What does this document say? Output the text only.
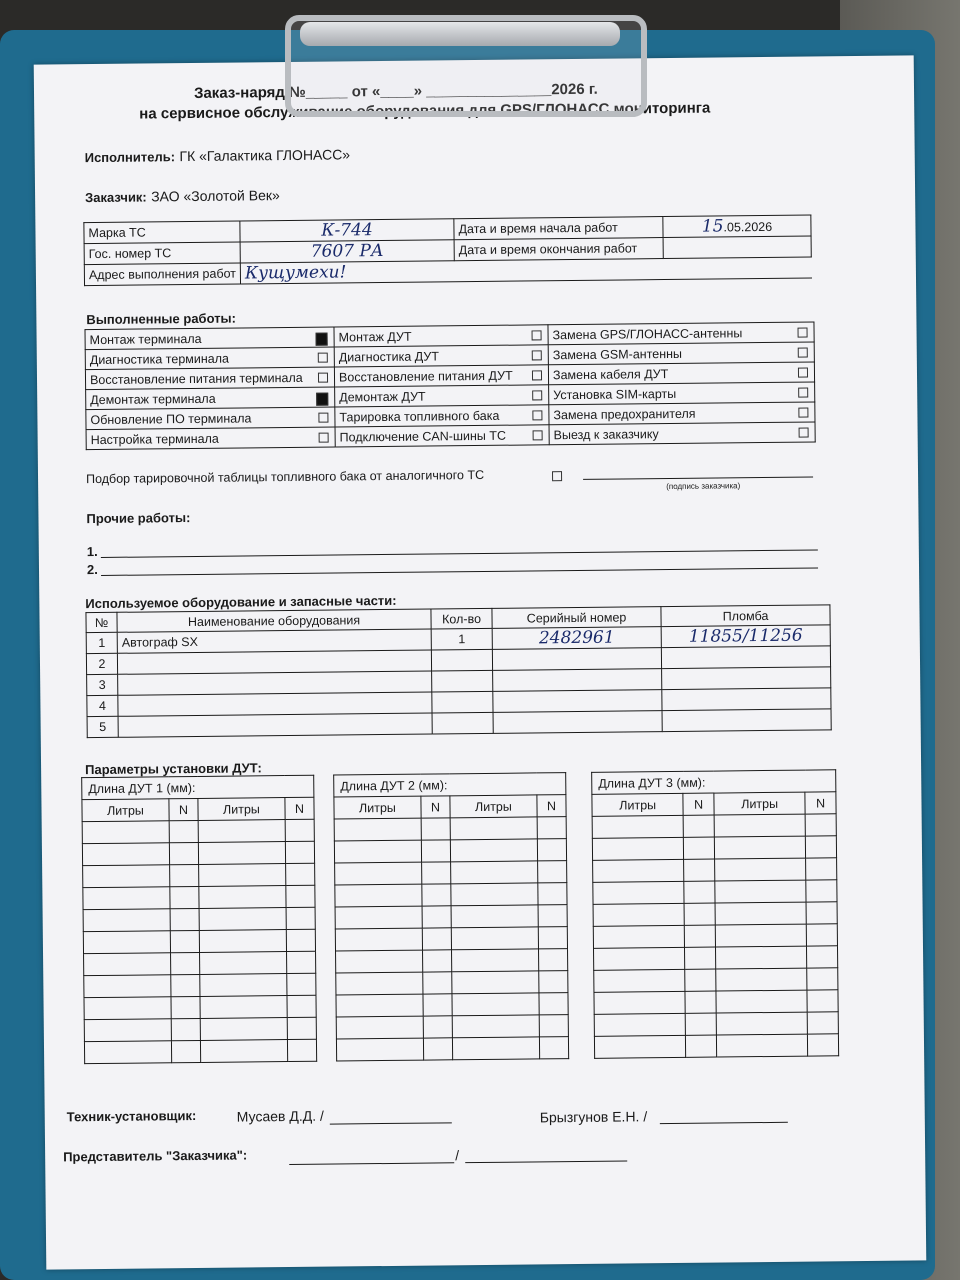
Заказ-наряд №_____ от «____» _______________2026 г.
на сервисное обслуживание оборудования для GPS/ГЛОНАСС мониторинга
Исполнитель: ГК «Галактика ГЛОНАСС»
Заказчик: ЗАО «Золотой Век»
Марка ТС	К-744	Дата и время начала работ	15.05.2026
Гос. номер ТС	7607 РА	Дата и время окончания работ	
Адрес выполнения работ	Кущумехи!		
Выполненные работы:
Монтаж терминала	Монтаж ДУТ	Замена GPS/ГЛОНАСС-антенны

Диагностика терминала	Диагностика ДУТ	Замена GSM-антенны

Восстановление питания терминала	Восстановление питания ДУТ	Замена кабеля ДУТ

Демонтаж терминала	Демонтаж ДУТ	Установка SIM-карты

Обновление ПО терминала	Тарировка топливного бака	Замена предохранителя

Настройка терминала	Подключение CAN-шины ТС	Выезд к заказчику
Подбор тарировочной таблицы топливного бака от аналогичного ТС
(подпись заказчика)
Прочие работы:
1.
2.
Используемое оборудование и запасные части:
№	Наименование оборудования	Кол-во	Серийный номер	Пломба
1	Автограф SX	1	2482961	11855/11256
2				
3				
4				
5				
Параметры установки ДУТ:
Длина ДУТ 1 (мм):			
Литры	N	Литры	N

Длина ДУТ 2 (мм):			
Литры	N	Литры	N

Длина ДУТ 3 (мм):			
Литры	N	Литры	N

Техник-установщик:	Мусаев Д.Д. /	Брызгунов Е.Н. /
Представитель "Заказчика":	/
